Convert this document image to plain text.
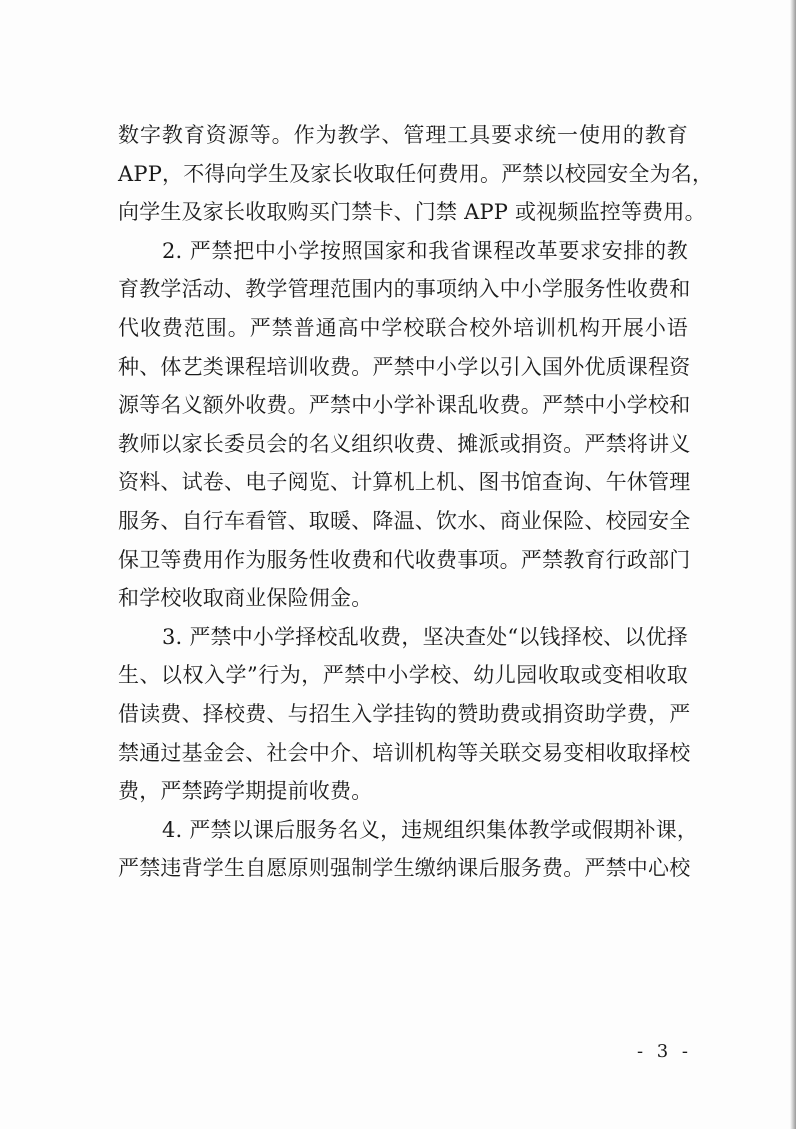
数字教育资源等。作为教学、管理工具要求统一使用的教育
APP，不得向学生及家长收取任何费用。严禁以校园安全为名，
向学生及家长收取购买门禁卡、门禁 APP 或视频监控等费用。
2. 严禁把中小学按照国家和我省课程改革要求安排的教
育教学活动、教学管理范围内的事项纳入中小学服务性收费和
代收费范围。严禁普通高中学校联合校外培训机构开展小语
种、体艺类课程培训收费。严禁中小学以引入国外优质课程资
源等名义额外收费。严禁中小学补课乱收费。严禁中小学校和
教师以家长委员会的名义组织收费、摊派或捐资。严禁将讲义
资料、试卷、电子阅览、计算机上机、图书馆查询、午休管理
服务、自行车看管、取暖、降温、饮水、商业保险、校园安全
保卫等费用作为服务性收费和代收费事项。严禁教育行政部门
和学校收取商业保险佣金。
3. 严禁中小学择校乱收费，坚决查处“以钱择校、以优择
生、以权入学”行为，严禁中小学校、幼儿园收取或变相收取
借读费、择校费、与招生入学挂钩的赞助费或捐资助学费，严
禁通过基金会、社会中介、培训机构等关联交易变相收取择校
费，严禁跨学期提前收费。
4. 严禁以课后服务名义，违规组织集体教学或假期补课，
严禁违背学生自愿原则强制学生缴纳课后服务费。严禁中心校
- 3 -
